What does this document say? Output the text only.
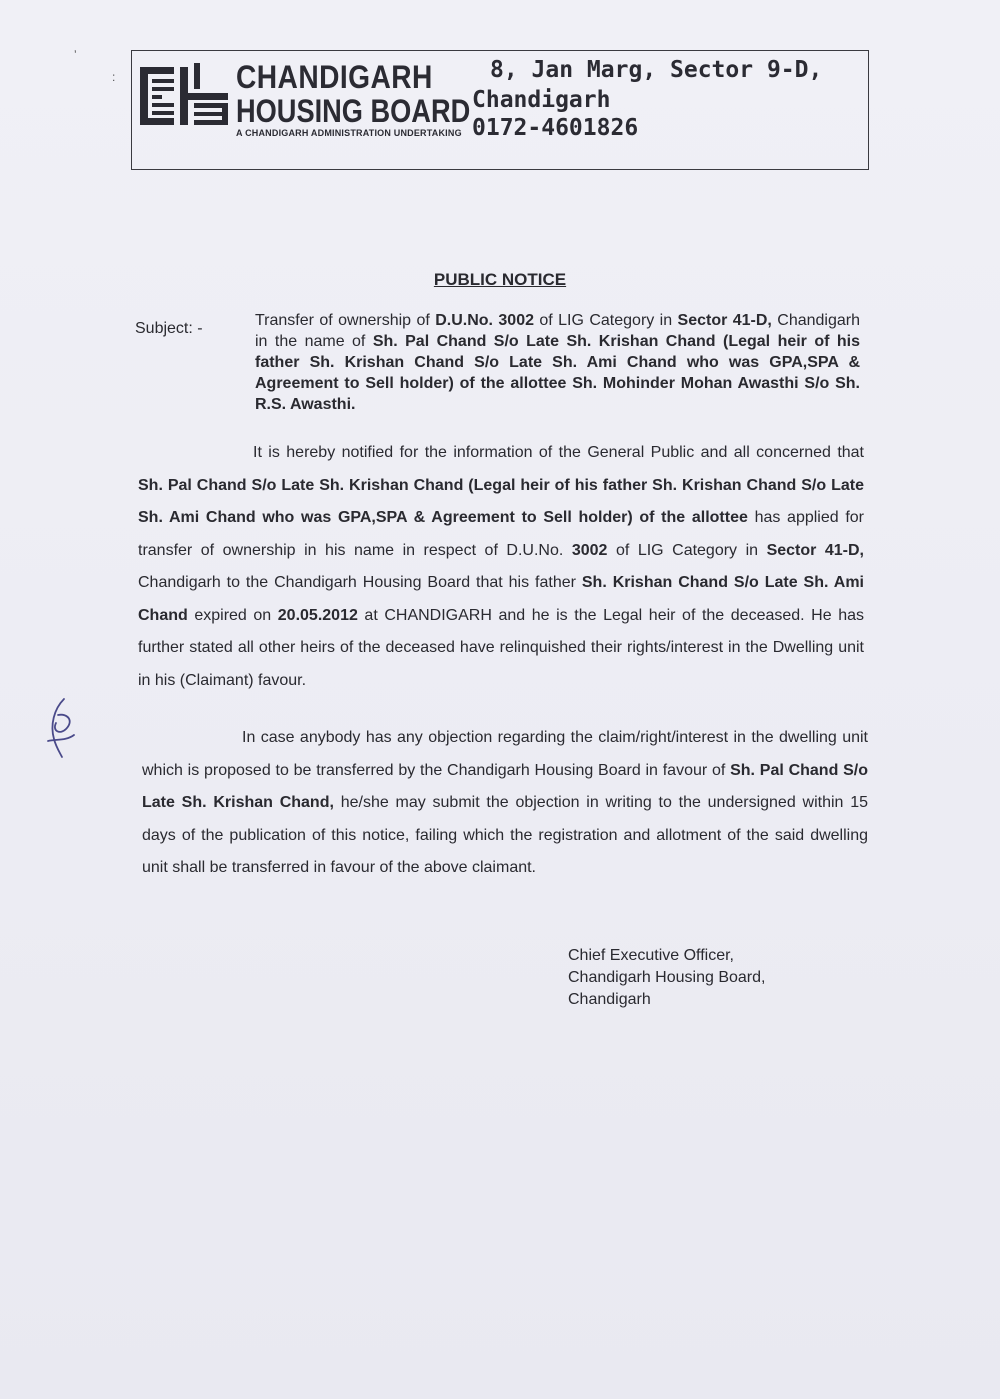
ʼ
:	CHANDIGARH
HOUSING BOARD
A CHANDIGARH ADMINISTRATION UNDERTAKING
8, Jan Marg, Sector 9-D,
Chandigarh
0172-4601826
PUBLIC NOTICE
Subject: -	Transfer of ownership of D.U.No. 3002 of LIG Category in Sector 41-D, Chandigarh in the name of Sh. Pal Chand S/o Late Sh. Krishan Chand (Legal heir of his father Sh. Krishan Chand S/o Late Sh. Ami Chand who was GPA,SPA & Agreement to Sell holder) of the allottee Sh. Mohinder Mohan Awasthi S/o Sh. R.S. Awasthi.
It is hereby notified for the information of the General Public and all concerned that Sh. Pal Chand S/o Late Sh. Krishan Chand (Legal heir of his father Sh. Krishan Chand S/o Late Sh. Ami Chand who was GPA,SPA & Agreement to Sell holder) of the allottee has applied for transfer of ownership in his name in respect of D.U.No. 3002 of LIG Category in Sector 41-D, Chandigarh to the Chandigarh Housing Board that his father Sh. Krishan Chand S/o Late Sh. Ami Chand expired on 20.05.2012 at CHANDIGARH and he is the Legal heir of the deceased. He has further stated all other heirs of the deceased have relinquished their rights/interest in the Dwelling unit in his (Claimant) favour.
In case anybody has any objection regarding the claim/right/interest in the dwelling unit which is proposed to be transferred by the Chandigarh Housing Board in favour of Sh. Pal Chand S/o Late Sh. Krishan Chand, he/she may submit the objection in writing to the undersigned within 15 days of the publication of this notice, failing which the registration and allotment of the said dwelling unit shall be transferred in favour of the above claimant.
Chief Executive Officer,
Chandigarh Housing Board,
Chandigarh
